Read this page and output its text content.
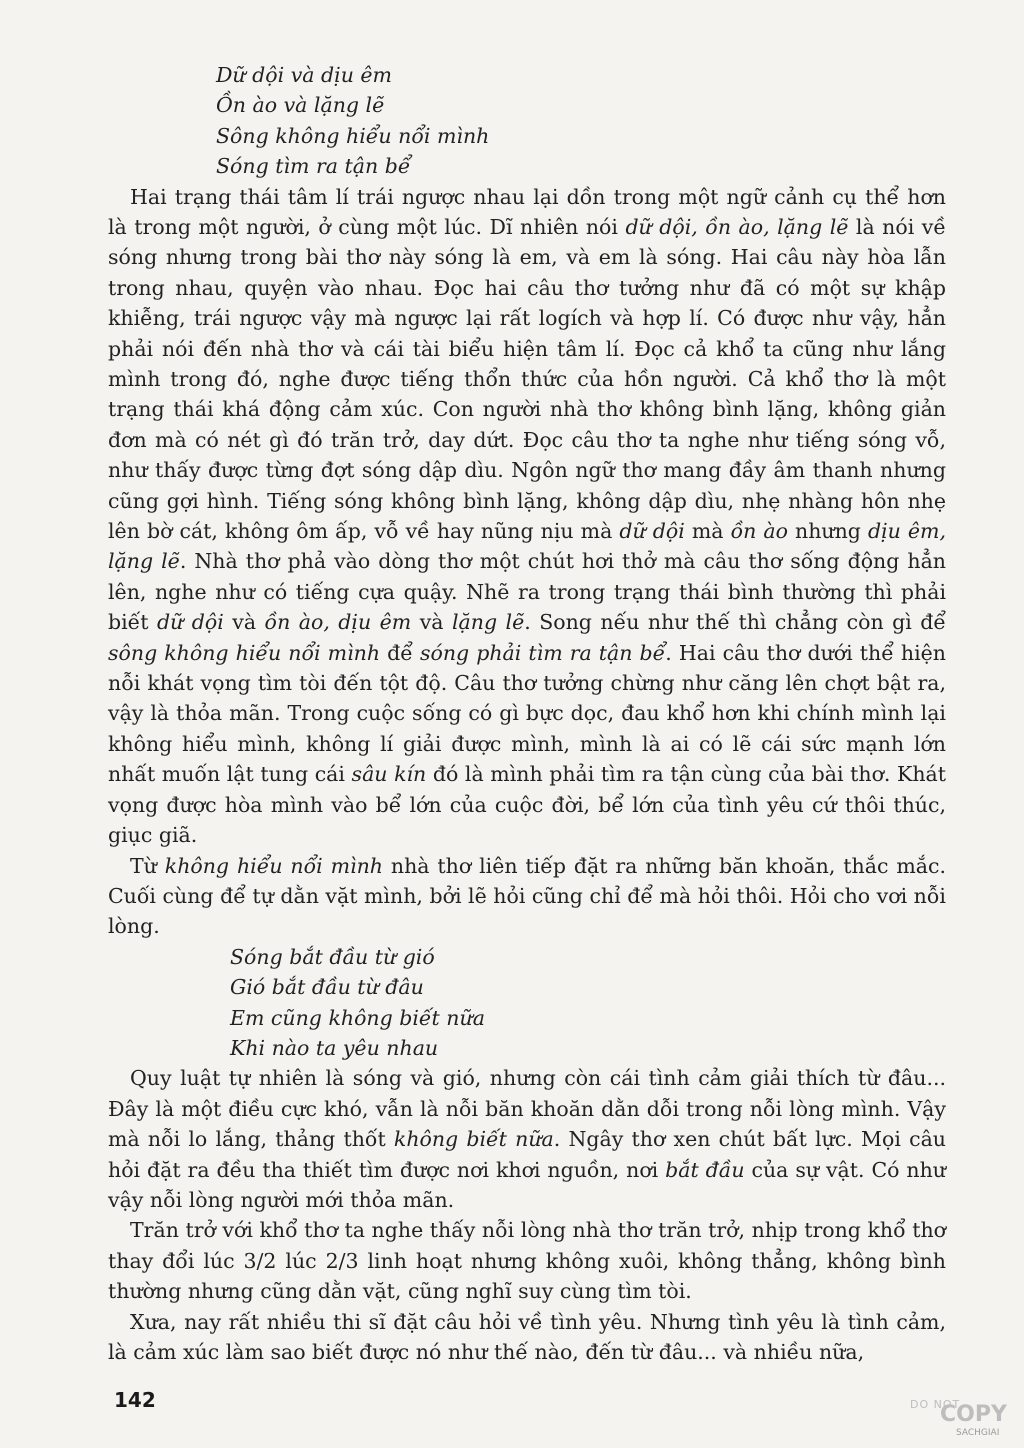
Dữ dội và dịu êm
Ồn ào và lặng lẽ
Sông không hiểu nổi mình
Sóng tìm ra tận bể

Hai trạng thái tâm lí trái ngược nhau lại dồn trong một ngữ cảnh cụ thể hơn là trong một người, ở cùng một lúc. Dĩ nhiên nói dữ dội, ồn ào, lặng lẽ là nói về sóng nhưng trong bài thơ này sóng là em, và em là sóng. Hai câu này hòa lẫn trong nhau, quyện vào nhau. Đọc hai câu thơ tưởng như đã có một sự khập khiễng, trái ngược vậy mà ngược lại rất logích và hợp lí. Có được như vậy, hẳn phải nói đến nhà thơ và cái tài biểu hiện tâm lí. Đọc cả khổ ta cũng như lắng mình trong đó, nghe được tiếng thổn thức của hồn người. Cả khổ thơ là một trạng thái khá động cảm xúc. Con người nhà thơ không bình lặng, không giản đơn mà có nét gì đó trăn trở, day dứt. Đọc câu thơ ta nghe như tiếng sóng vỗ, như thấy được từng đợt sóng dập dìu. Ngôn ngữ thơ mang đầy âm thanh nhưng cũng gợi hình. Tiếng sóng không bình lặng, không dập dìu, nhẹ nhàng hôn nhẹ lên bờ cát, không ôm ấp, vỗ về hay nũng nịu mà dữ dội mà ồn ào nhưng dịu êm, lặng lẽ. Nhà thơ phả vào dòng thơ một chút hơi thở mà câu thơ sống động hẳn lên, nghe như có tiếng cựa quậy. Nhẽ ra trong trạng thái bình thường thì phải biết dữ dội và ồn ào, dịu êm và lặng lẽ. Song nếu như thế thì chẳng còn gì để sông không hiểu nổi mình để sóng phải tìm ra tận bể. Hai câu thơ dưới thể hiện nỗi khát vọng tìm tòi đến tột độ. Câu thơ tưởng chừng như căng lên chợt bật ra, vậy là thỏa mãn. Trong cuộc sống có gì bực dọc, đau khổ hơn khi chính mình lại không hiểu mình, không lí giải được mình, mình là ai có lẽ cái sức mạnh lớn nhất muốn lật tung cái sâu kín đó là mình phải tìm ra tận cùng của bài thơ. Khát vọng được hòa mình vào bể lớn của cuộc đời, bể lớn của tình yêu cứ thôi thúc, giục giã.

Từ không hiểu nổi mình nhà thơ liên tiếp đặt ra những băn khoăn, thắc mắc. Cuối cùng để tự dằn vặt mình, bởi lẽ hỏi cũng chỉ để mà hỏi thôi. Hỏi cho vơi nỗi lòng.

Sóng bắt đầu từ gió
Gió bắt đầu từ đâu
Em cũng không biết nữa
Khi nào ta yêu nhau

Quy luật tự nhiên là sóng và gió, nhưng còn cái tình cảm giải thích từ đâu... Đây là một điều cực khó, vẫn là nỗi băn khoăn dằn dỗi trong nỗi lòng mình. Vậy mà nỗi lo lắng, thảng thốt không biết nữa. Ngây thơ xen chút bất lực. Mọi câu hỏi đặt ra đều tha thiết tìm được nơi khơi nguồn, nơi bắt đầu của sự vật. Có như vậy nỗi lòng người mới thỏa mãn.

Trăn trở với khổ thơ ta nghe thấy nỗi lòng nhà thơ trăn trở, nhịp trong khổ thơ thay đổi lúc 3/2 lúc 2/3 linh hoạt nhưng không xuôi, không thẳng, không bình thường nhưng cũng dằn vặt, cũng nghĩ suy cùng tìm tòi.

Xưa, nay rất nhiều thi sĩ đặt câu hỏi về tình yêu. Nhưng tình yêu là tình cảm, là cảm xúc làm sao biết được nó như thế nào, đến từ đâu... và nhiều nữa,

142	DO NOT
COPY
SACHGIAI
